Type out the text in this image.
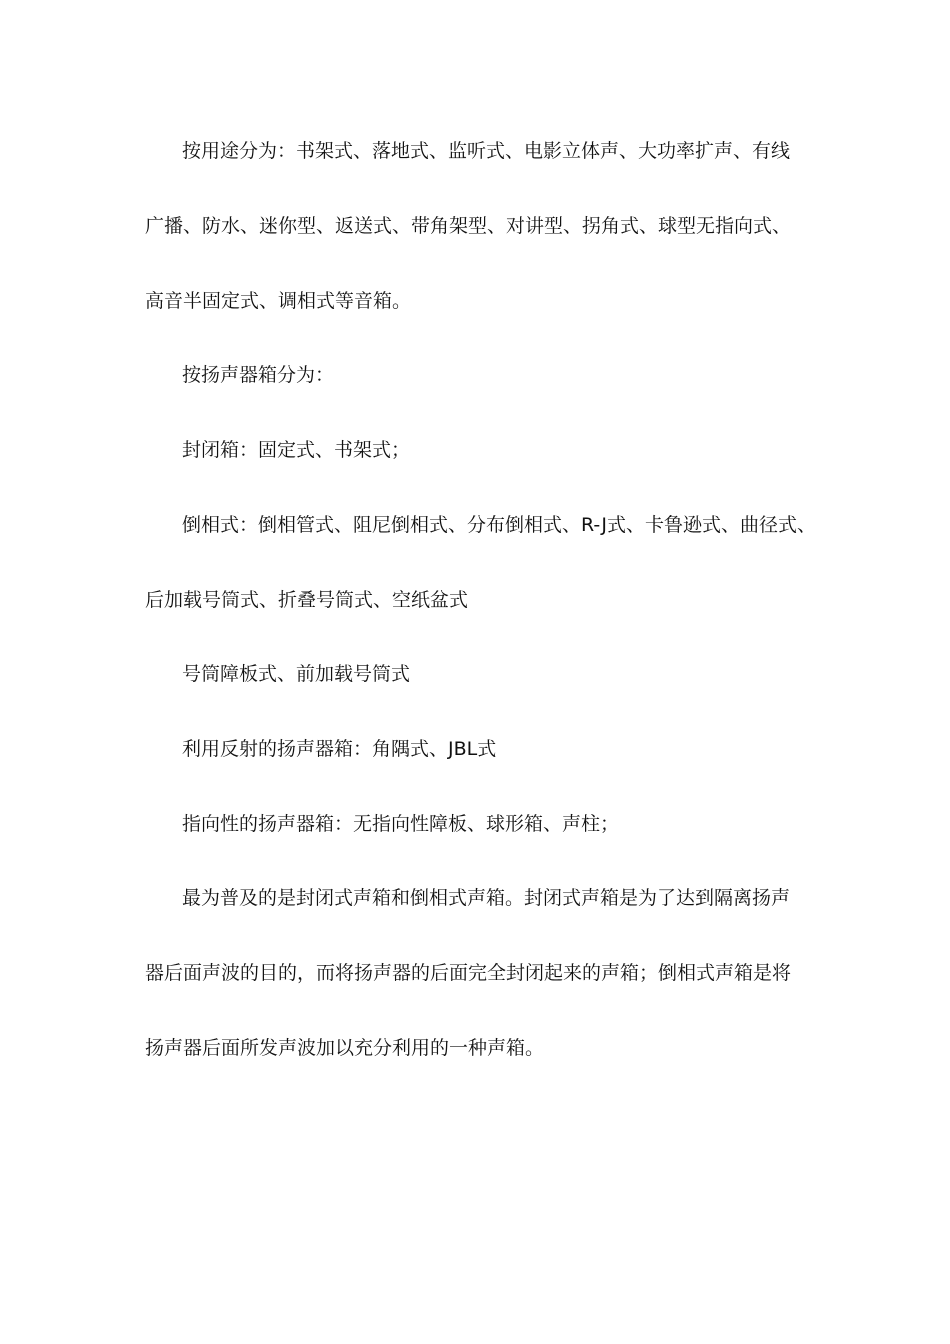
按用途分为：书架式、落地式、监听式、电影立体声、大功率扩声、有线
广播、防水、迷你型、返送式、带角架型、对讲型、拐角式、球型无指向式、
高音半固定式、调相式等音箱。
按扬声器箱分为：
封闭箱：固定式、书架式；
倒相式：倒相管式、阻尼倒相式、分布倒相式、R-J式、卡鲁逊式、曲径式、
后加载号筒式、折叠号筒式、空纸盆式
号筒障板式、前加载号筒式
利用反射的扬声器箱：角隅式、JBL式
指向性的扬声器箱：无指向性障板、球形箱、声柱；
最为普及的是封闭式声箱和倒相式声箱。封闭式声箱是为了达到隔离扬声
器后面声波的目的，而将扬声器的后面完全封闭起来的声箱；倒相式声箱是将
扬声器后面所发声波加以充分利用的一种声箱。
